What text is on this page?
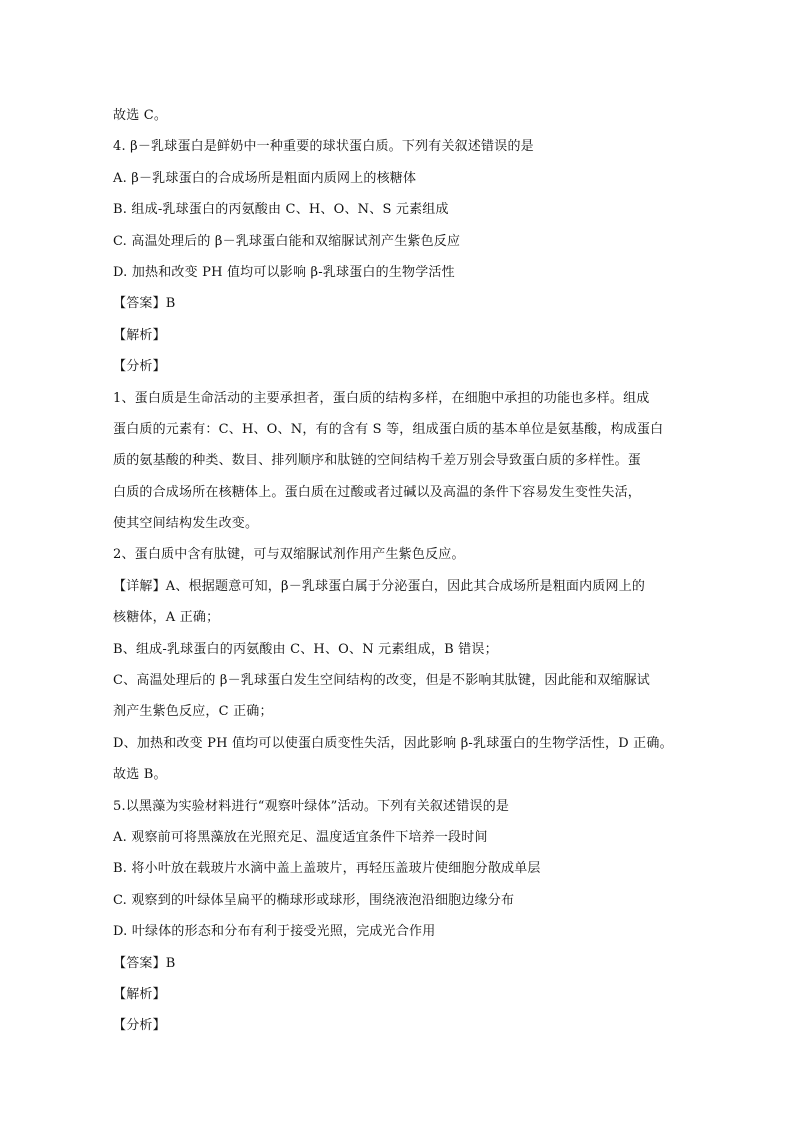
故选 C。
4. β－乳球蛋白是鲜奶中一种重要的球状蛋白质。下列有关叙述错误的是
A. β－乳球蛋白的合成场所是粗面内质网上的核糖体
B. 组成-乳球蛋白的丙氨酸由 C、H、O、N、S 元素组成
C. 高温处理后的 β－乳球蛋白能和双缩脲试剂产生紫色反应
D. 加热和改变 PH 值均可以影响 β-乳球蛋白的生物学活性
【答案】B
【解析】
【分析】
1、蛋白质是生命活动的主要承担者，蛋白质的结构多样，在细胞中承担的功能也多样。组成
蛋白质的元素有：C、H、O、N，有的含有 S 等，组成蛋白质的基本单位是氨基酸，构成蛋白
质的氨基酸的种类、数目、排列顺序和肽链的空间结构千差万别会导致蛋白质的多样性。蛋
白质的合成场所在核糖体上。蛋白质在过酸或者过碱以及高温的条件下容易发生变性失活，
使其空间结构发生改变。
2、蛋白质中含有肽键，可与双缩脲试剂作用产生紫色反应。
【详解】A、根据题意可知，β－乳球蛋白属于分泌蛋白，因此其合成场所是粗面内质网上的
核糖体，A 正确；
B、组成-乳球蛋白的丙氨酸由 C、H、O、N 元素组成，B 错误；
C、高温处理后的 β－乳球蛋白发生空间结构的改变，但是不影响其肽键，因此能和双缩脲试
剂产生紫色反应，C 正确；
D、加热和改变 PH 值均可以使蛋白质变性失活，因此影响 β-乳球蛋白的生物学活性，D 正确。
故选 B。
5.以黑藻为实验材料进行“观察叶绿体”活动。下列有关叙述错误的是
A. 观察前可将黑藻放在光照充足、温度适宜条件下培养一段时间
B. 将小叶放在载玻片水滴中盖上盖玻片，再轻压盖玻片使细胞分散成单层
C. 观察到的叶绿体呈扁平的椭球形或球形，围绕液泡沿细胞边缘分布
D. 叶绿体的形态和分布有利于接受光照，完成光合作用
【答案】B
【解析】
【分析】
